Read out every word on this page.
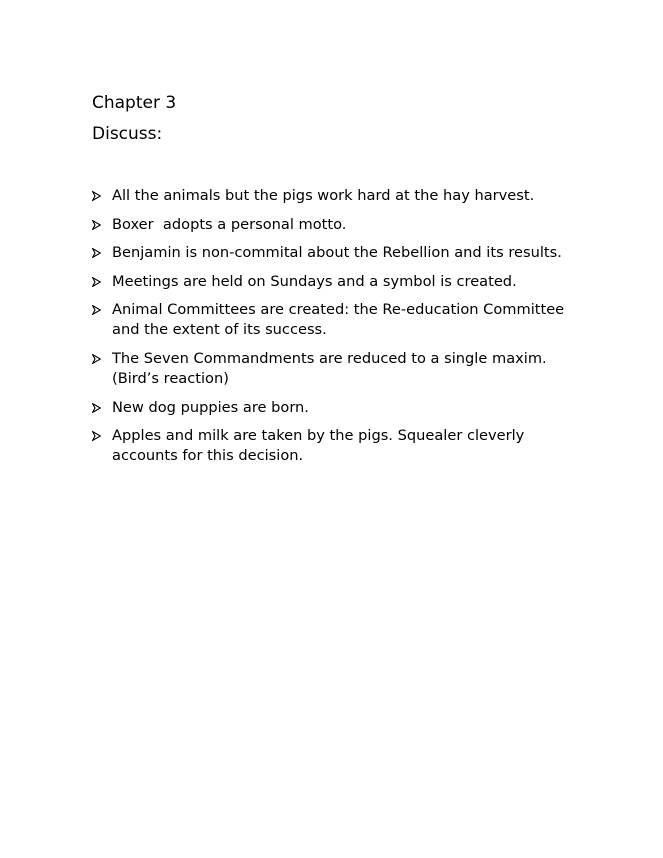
Chapter 3
Discuss:
All the animals but the pigs work hard at the hay harvest.
Boxer  adopts a personal motto.
Benjamin is non-commital about the Rebellion and its results.
Meetings are held on Sundays and a symbol is created.
Animal Committees are created: the Re-education Committee and the extent of its success.
The Seven Commandments are reduced to a single maxim. (Bird’s reaction)
New dog puppies are born.
Apples and milk are taken by the pigs. Squealer cleverly accounts for this decision.
